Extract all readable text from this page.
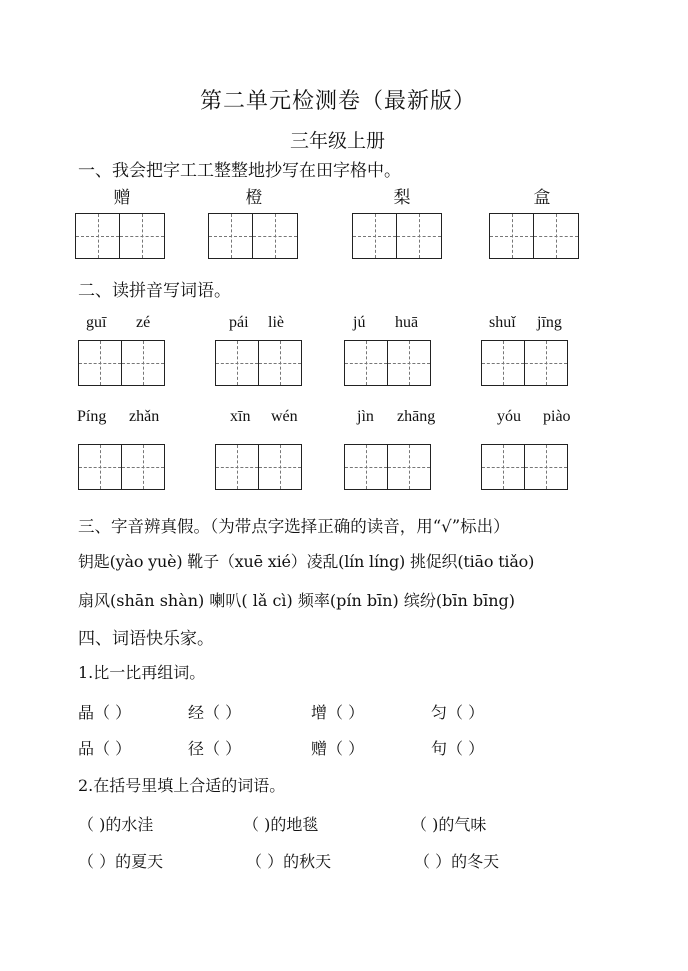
第二单元检测卷（最新版）
三年级上册
一、我会把字工工整整地抄写在田字格中。
赠	橙	梨	盒
二、读拼音写词语。
guī zé	pái liè	jú huā	shuǐ jīng
Píng zhǎn	xīn wén	jìn zhāng	yóu piào
三、字音辨真假。（为带点字选择正确的读音，用“√”标出）
钥匙(yào yuè) 靴子（xuē xié）凌乱(lín líng) 挑促织(tiāo tiǎo)
扇风(shān shàn) 喇叭( lǎ cì) 频率(pín bīn) 缤纷(bīn bīng)
四、词语快乐家。
1.比一比再组词。
晶（ ）	经（ ）	增（ ）	匀（ ）
品（ ）	径（ ）	赠（ ）	句（ ）
2.在括号里填上合适的词语。
（ )的水洼	（ )的地毯	（ )的气味
（ ）的夏天	（ ）的秋天	（ ）的冬天
